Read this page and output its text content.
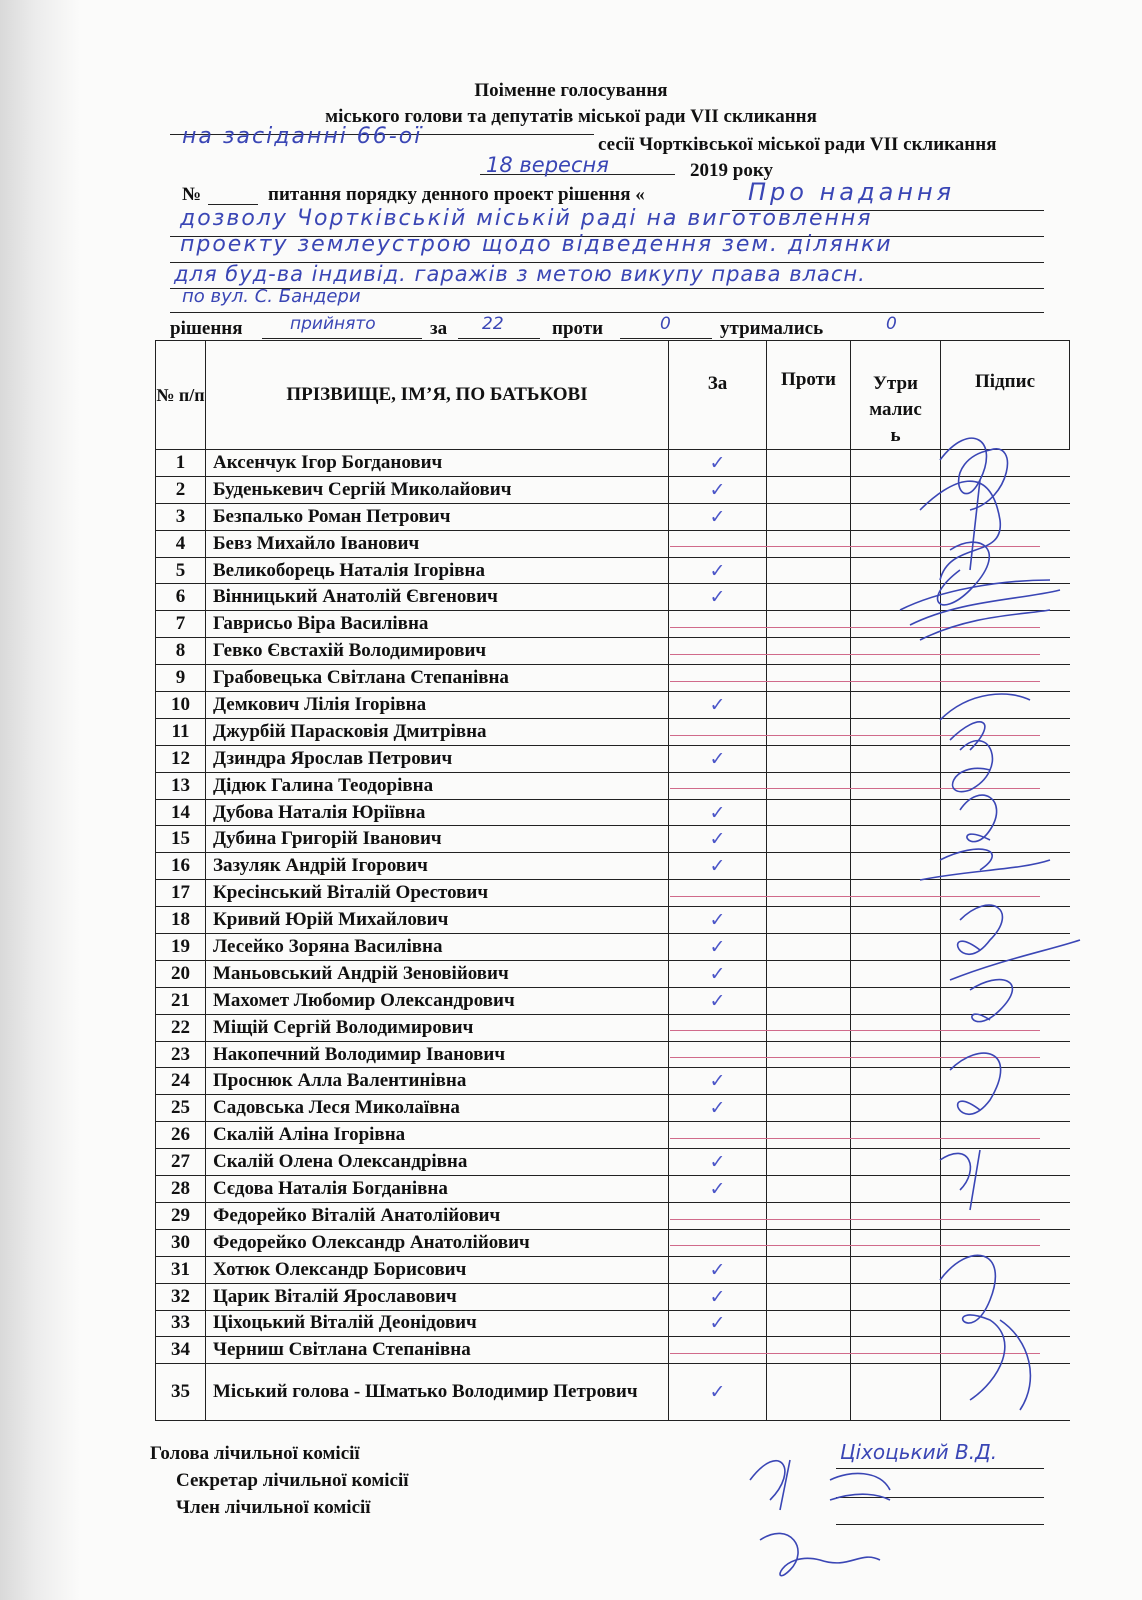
Поіменне голосування
міського голови та депутатів міської ради VII скликання
на засіданні 66-ої	сесії Чортківської міської ради VII скликання
18 вересня	2019 року
№	питання порядку денного проект рішення «	Про надання
дозволу Чортківській міській раді на виготовлення
проекту землеустрою щодо відведення зем. ділянки
для буд-ва індивід. гаражів з метою викупу права власн.
по вул. С. Бандери
рішення	прийнято	за 22	проти	0	утримались	0
№ п/п	ПРІЗВИЩЕ, ІМ’Я, ПО БАТЬКОВІ	За	Проти	Утримались	Підпис
1	Аксенчук Ігор Богданович	✓			
2	Буденькевич Сергій Миколайович	✓			
3	Безпалько Роман Петрович	✓			
4	Бевз Михайло Іванович				
5	Великоборець Наталія Ігорівна	✓			
6	Вінницький Анатолій Євгенович	✓			
7	Гаврисьо Віра Василівна				
8	Гевко Євстахій Володимирович				
9	Грабовецька Світлана Степанівна				
10	Демкович Лілія Ігорівна	✓			
11	Джурбій Парасковія Дмитрівна				
12	Дзиндра Ярослав Петрович	✓			
13	Дідюк Галина Теодорівна				
14	Дубова Наталія Юріївна	✓			
15	Дубина Григорій Іванович	✓			
16	Зазуляк Андрій Ігорович	✓			
17	Кресінський Віталій Орестович				
18	Кривий Юрій Михайлович	✓			
19	Лесейко Зоряна Василівна	✓			
20	Маньовський Андрій Зеновійович	✓			
21	Махомет Любомир Олександрович	✓			
22	Міщій Сергій Володимирович				
23	Накопечний Володимир Іванович				
24	Проснюк Алла Валентинівна	✓			
25	Садовська Леся Миколаївна	✓			
26	Скалій Аліна Ігорівна				
27	Скалій Олена Олександрівна	✓			
28	Сєдова Наталія Богданівна	✓			
29	Федорейко Віталій Анатолійович				
30	Федорейко Олександр Анатолійович				
31	Хотюк Олександр Борисович	✓			
32	Царик Віталій Ярославович	✓			
33	Ціхоцький Віталій Деонідович	✓			
34	Черниш Світлана Степанівна				
35	Міський голова - Шматько Володимир Петрович	✓			
Голова лічильної комісії
Секретар лічильної комісії
Член лічильної комісії
Ціхоцький В.Д.
